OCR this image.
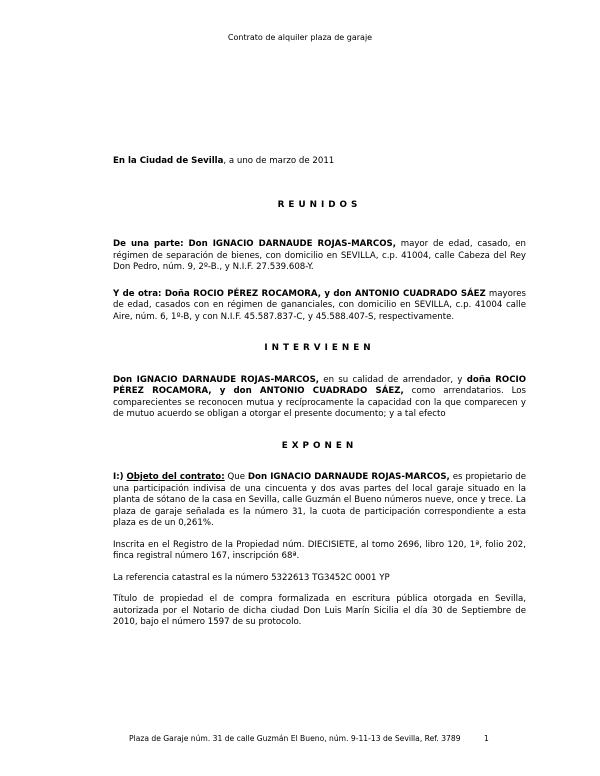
Contrato de alquiler plaza de garaje

En la Ciudad de Sevilla, a uno de marzo de 2011

REUNIDOS

De una parte: Don IGNACIO DARNAUDE ROJAS-MARCOS, mayor de edad, casado, en régimen de separación de bienes, con domicilio en SEVILLA, c.p. 41004, calle Cabeza del Rey Don Pedro, núm. 9, 2º-B., y N.I.F. 27.539.608-Y.

Y de otra: Doña ROCIO PÉREZ ROCAMORA, y don ANTONIO CUADRADO SÁEZ mayores de edad, casados con en régimen de gananciales, con domicilio en SEVILLA, c.p. 41004 calle Aire, núm. 6, 1º-B, y con N.I.F. 45.587.837-C, y 45.588.407-S, respectivamente.

INTERVIENEN

Don IGNACIO DARNAUDE ROJAS-MARCOS, en su calidad de arrendador, y doña ROCIO PÉREZ ROCAMORA, y don ANTONIO CUADRADO SÁEZ, como arrendatarios. Los comparecientes se reconocen mutua y recíprocamente la capacidad con la que comparecen y de mutuo acuerdo se obligan a otorgar el presente documento; y a tal efecto

EXPONEN

I:) Objeto del contrato: Que Don IGNACIO DARNAUDE ROJAS-MARCOS, es propietario de una participación indivisa de una cincuenta y dos avas partes del local garaje situado en la planta de sótano de la casa en Sevilla, calle Guzmán el Bueno números nueve, once y trece. La plaza de garaje señalada es la número 31, la cuota de participación correspondiente a esta plaza es de un 0,261%.

Inscrita en el Registro de la Propiedad núm. DIECISIETE, al tomo 2696, libro 120, 1ª, folio 202, finca registral número 167, inscripción 68ª.

La referencia catastral es la número 5322613 TG3452C 0001 YP

Título de propiedad el de compra formalizada en escritura pública otorgada en Sevilla, autorizada por el Notario de dicha ciudad Don Luis Marín Sicilia el día 30 de Septiembre de 2010, bajo el número 1597 de su protocolo.

Plaza de Garaje núm. 31 de calle Guzmán El Bueno, núm. 9-11-13 de Sevilla, Ref. 3789	1
